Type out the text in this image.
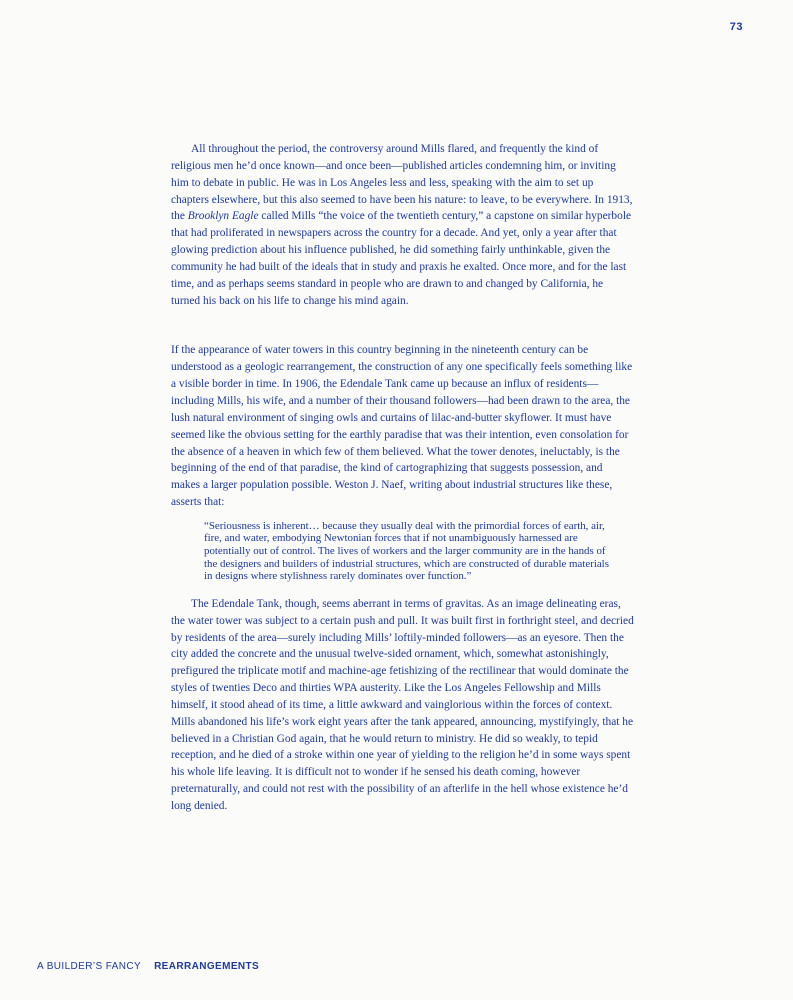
73

All throughout the period, the controversy around Mills flared, and frequently the kind of religious men he’d once known—and once been—published articles condemning him, or inviting him to debate in public. He was in Los Angeles less and less, speaking with the aim to set up chapters elsewhere, but this also seemed to have been his nature: to leave, to be everywhere. In 1913, the Brooklyn Eagle called Mills “the voice of the twentieth century,” a capstone on similar hyperbole that had proliferated in newspapers across the country for a decade. And yet, only a year after that glowing prediction about his influence published, he did something fairly unthinkable, given the community he had built of the ideals that in study and praxis he exalted. Once more, and for the last time, and as perhaps seems standard in people who are drawn to and changed by California, he turned his back on his life to change his mind again.

If the appearance of water towers in this country beginning in the nineteenth century can be understood as a geologic rearrangement, the construction of any one specifically feels something like a visible border in time. In 1906, the Edendale Tank came up because an influx of residents—including Mills, his wife, and a number of their thousand followers—had been drawn to the area, the lush natural environment of singing owls and curtains of lilac-and-butter skyflower. It must have seemed like the obvious setting for the earthly paradise that was their intention, even consolation for the absence of a heaven in which few of them believed. What the tower denotes, ineluctably, is the beginning of the end of that paradise, the kind of cartographizing that suggests possession, and makes a larger population possible. Weston J. Naef, writing about industrial structures like these, asserts that:

“Seriousness is inherent… because they usually deal with the primordial forces of earth, air, fire, and water, embodying Newtonian forces that if not unambiguously harnessed are potentially out of control. The lives of workers and the larger community are in the hands of the designers and builders of industrial structures, which are constructed of durable materials in designs where stylishness rarely dominates over function.”

The Edendale Tank, though, seems aberrant in terms of gravitas. As an image delineating eras, the water tower was subject to a certain push and pull. It was built first in forthright steel, and decried by residents of the area—surely including Mills’ loftily-minded followers—as an eyesore. Then the city added the concrete and the unusual twelve-sided ornament, which, somewhat astonishingly, prefigured the triplicate motif and machine-age fetishizing of the rectilinear that would dominate the styles of twenties Deco and thirties WPA austerity. Like the Los Angeles Fellowship and Mills himself, it stood ahead of its time, a little awkward and vainglorious within the forces of context. Mills abandoned his life’s work eight years after the tank appeared, announcing, mystifyingly, that he believed in a Christian God again, that he would return to ministry. He did so weakly, to tepid reception, and he died of a stroke within one year of yielding to the religion he’d in some ways spent his whole life leaving. It is difficult not to wonder if he sensed his death coming, however preternaturally, and could not rest with the possibility of an afterlife in the hell whose existence he’d long denied.

A BUILDER’S FANCY REARRANGEMENTS
